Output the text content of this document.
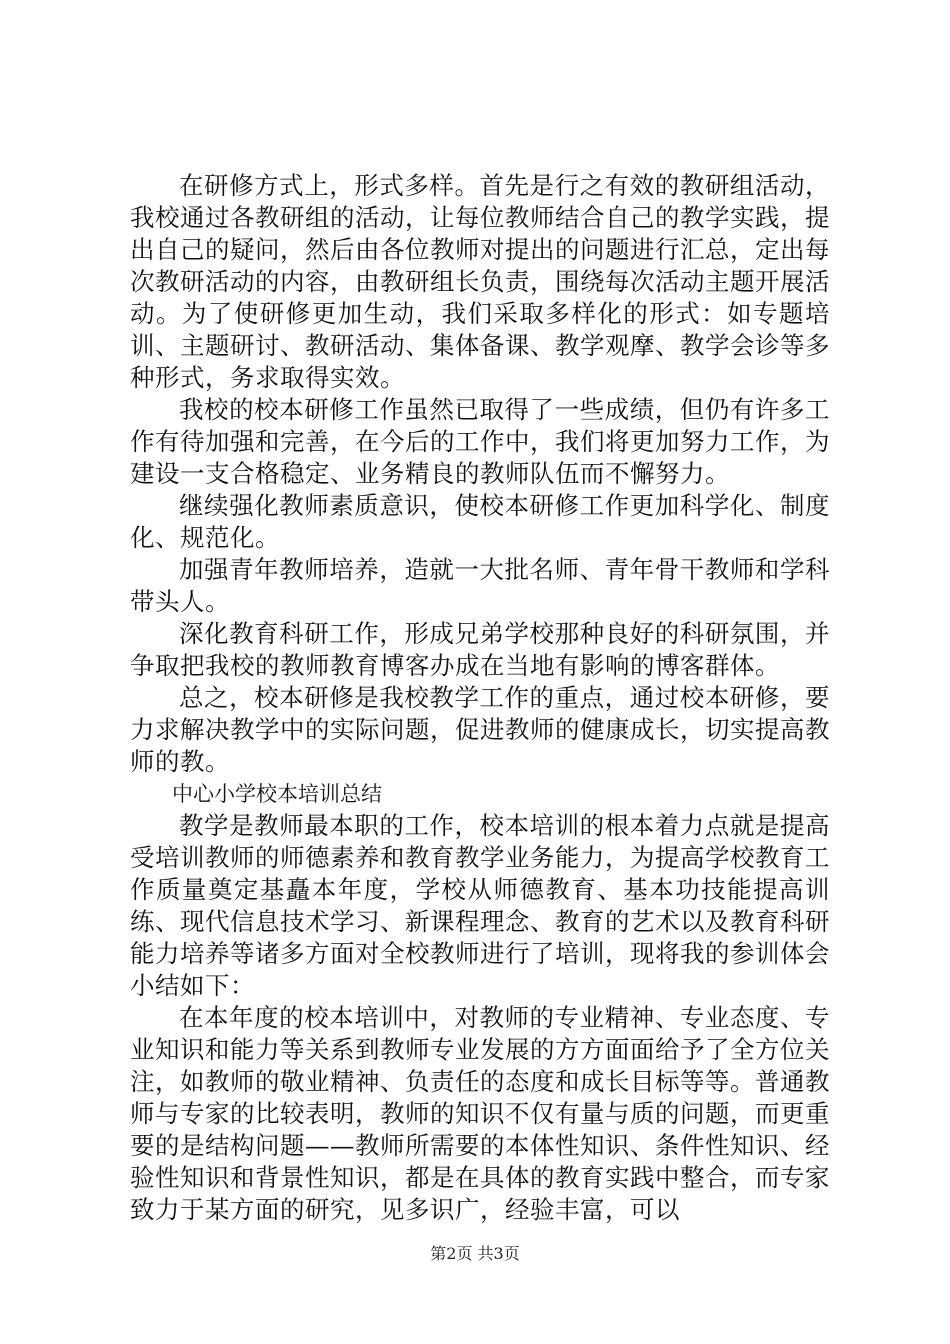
在研修方式上，形式多样。首先是行之有效的教研组活动，我校通过各教研组的活动，让每位教师结合自己的教学实践，提出自己的疑问，然后由各位教师对提出的问题进行汇总，定出每次教研活动的内容，由教研组长负责，围绕每次活动主题开展活动。为了使研修更加生动，我们采取多样化的形式：如专题培训、主题研讨、教研活动、集体备课、教学观摩、教学会诊等多种形式，务求取得实效。

我校的校本研修工作虽然已取得了一些成绩，但仍有许多工作有待加强和完善，在今后的工作中，我们将更加努力工作，为建设一支合格稳定、业务精良的教师队伍而不懈努力。

继续强化教师素质意识，使校本研修工作更加科学化、制度化、规范化。

加强青年教师培养，造就一大批名师、青年骨干教师和学科带头人。

深化教育科研工作，形成兄弟学校那种良好的科研氛围，并争取把我校的教师教育博客办成在当地有影响的博客群体。

总之，校本研修是我校教学工作的重点，通过校本研修，要力求解决教学中的实际问题，促进教师的健康成长，切实提高教师的教。

中心小学校本培训总结

教学是教师最本职的工作，校本培训的根本着力点就是提高受培训教师的师德素养和教育教学业务能力，为提高学校教育工作质量奠定基矗本年度，学校从师德教育、基本功技能提高训练、现代信息技术学习、新课程理念、教育的艺术以及教育科研能力培养等诸多方面对全校教师进行了培训，现将我的参训体会小结如下：

在本年度的校本培训中，对教师的专业精神、专业态度、专业知识和能力等关系到教师专业发展的方方面面给予了全方位关注，如教师的敬业精神、负责任的态度和成长目标等等。普通教师与专家的比较表明，教师的知识不仅有量与质的问题，而更重要的是结构问题——教师所需要的本体性知识、条件性知识、经验性知识和背景性知识，都是在具体的教育实践中整合，而专家致力于某方面的研究，见多识广，经验丰富，可以

第2页 共3页
